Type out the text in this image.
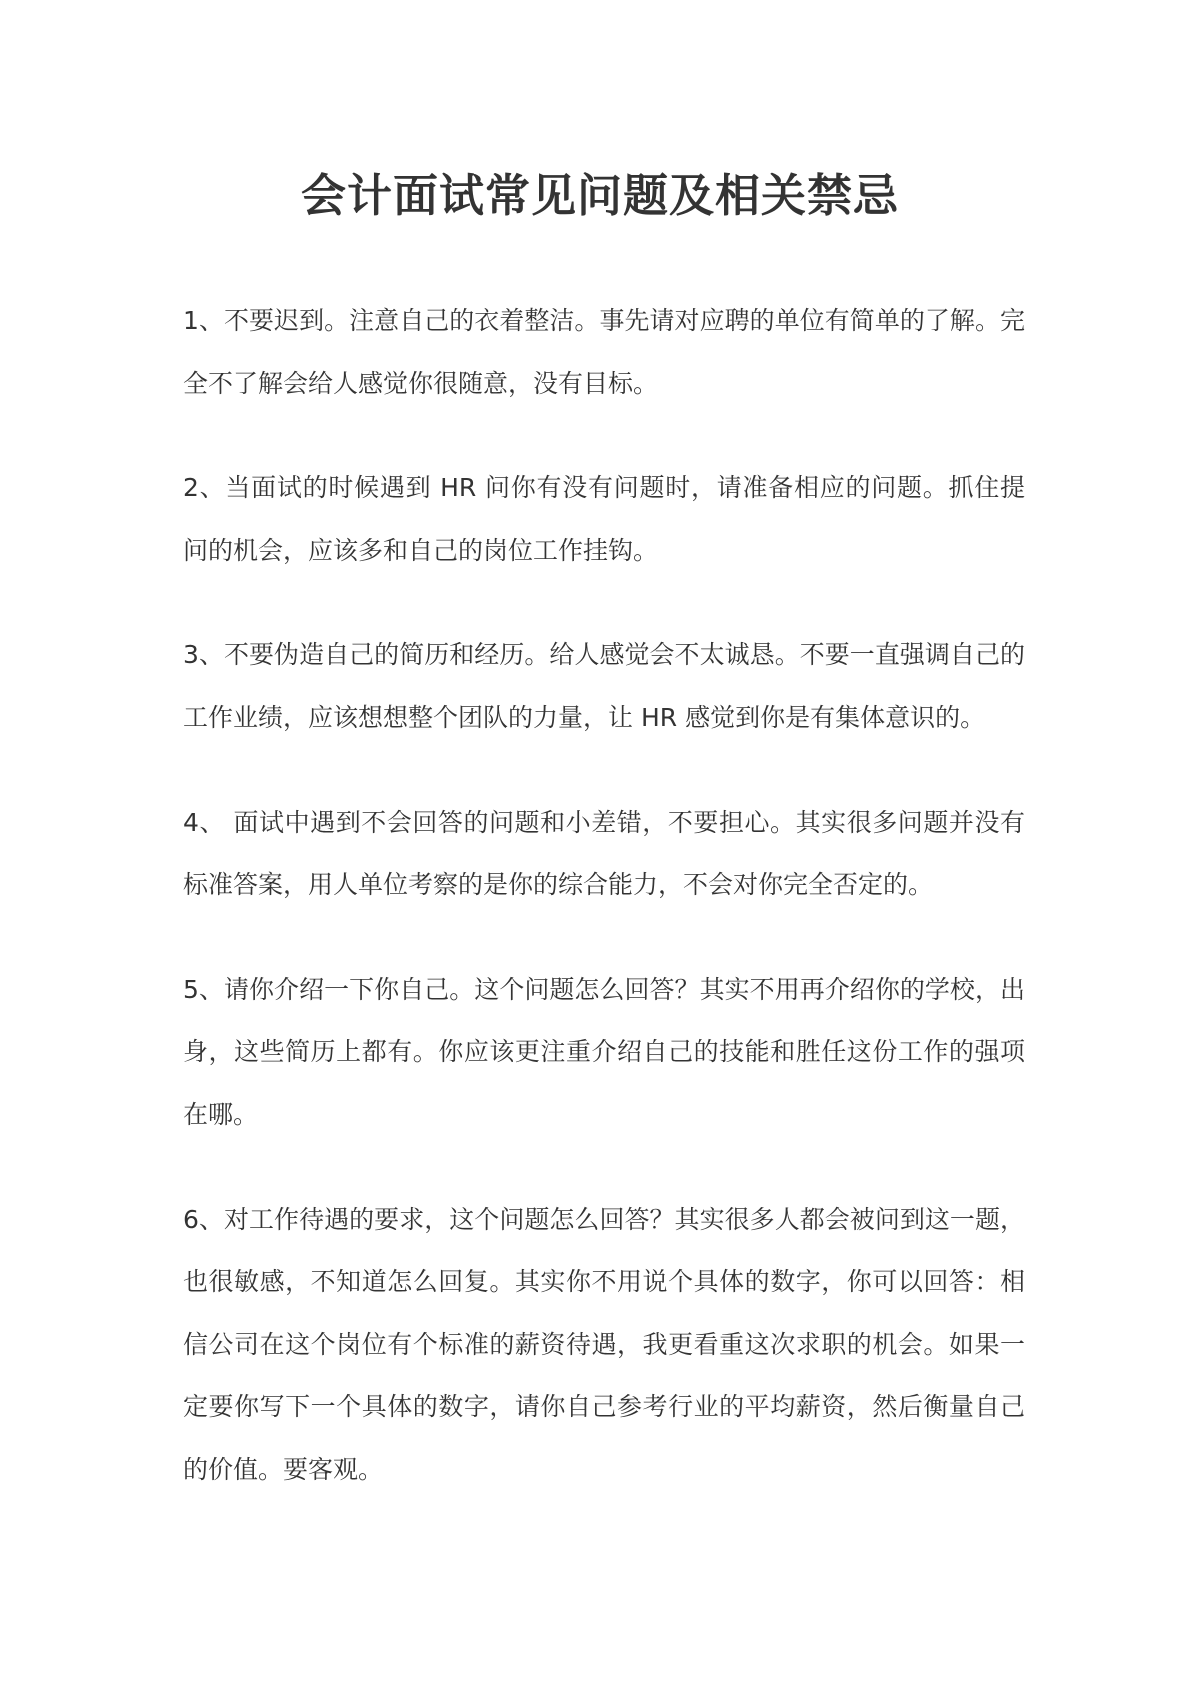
会计面试常见问题及相关禁忌

1、不要迟到。注意自己的衣着整洁。事先请对应聘的单位有简单的了解。完全不了解会给人感觉你很随意，没有目标。

2、当面试的时候遇到 HR 问你有没有问题时，请准备相应的问题。抓住提问的机会，应该多和自己的岗位工作挂钩。

3、不要伪造自己的简历和经历。给人感觉会不太诚恳。不要一直强调自己的工作业绩，应该想想整个团队的力量，让 HR 感觉到你是有集体意识的。

4、 面试中遇到不会回答的问题和小差错，不要担心。其实很多问题并没有标准答案，用人单位考察的是你的综合能力，不会对你完全否定的。

5、请你介绍一下你自己。这个问题怎么回答？其实不用再介绍你的学校，出身，这些简历上都有。你应该更注重介绍自己的技能和胜任这份工作的强项在哪。

6、对工作待遇的要求，这个问题怎么回答？其实很多人都会被问到这一题，也很敏感，不知道怎么回复。其实你不用说个具体的数字，你可以回答：相信公司在这个岗位有个标准的薪资待遇，我更看重这次求职的机会。如果一定要你写下一个具体的数字，请你自己参考行业的平均薪资，然后衡量自己的价值。要客观。
